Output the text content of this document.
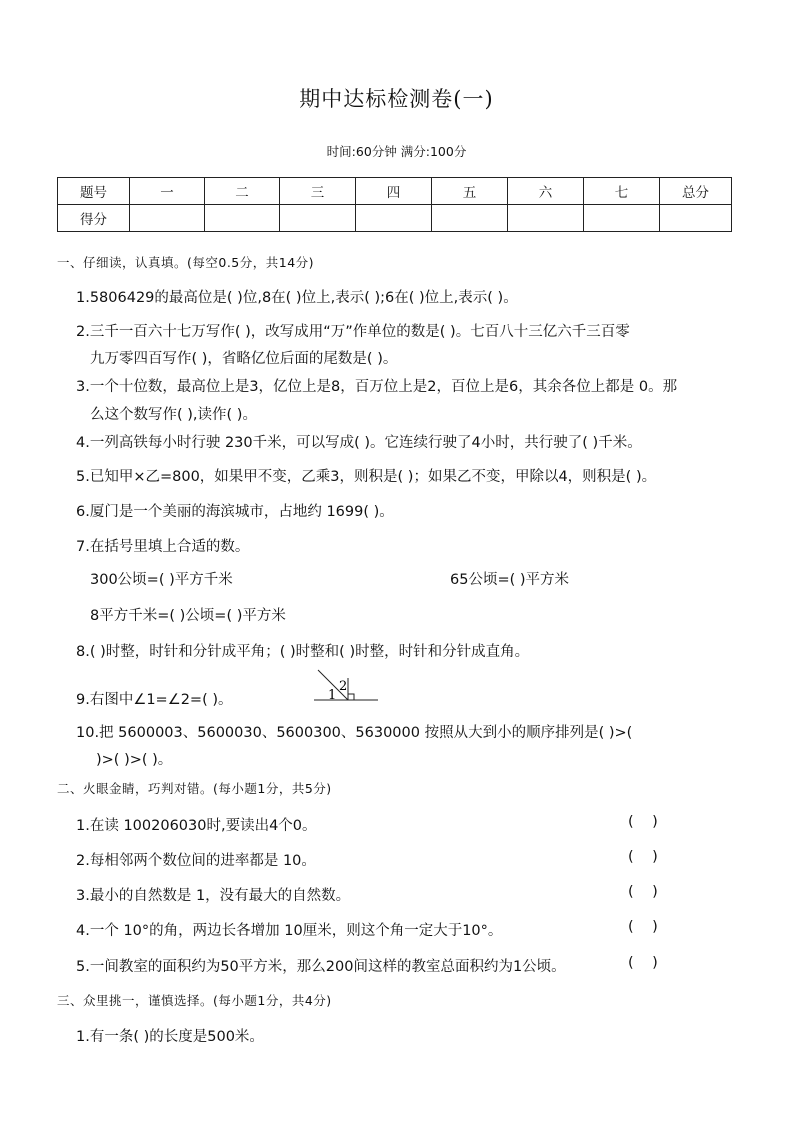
期中达标检测卷(一)
时间:60分钟 满分:100分
题号	一	二	三	四	五	六	七	总分
得分								
一、仔细读，认真填。(每空0.5分，共14分)
1.5806429的最高位是( )位,8在( )位上,表示( );6在( )位上,表示( )。
2.三千一百六十七万写作( )，改写成用“万”作单位的数是( )。七百八十三亿六千三百零
九万零四百写作( )，省略亿位后面的尾数是( )。
3.一个十位数，最高位上是3，亿位上是8，百万位上是2，百位上是6，其余各位上都是 0。那
么这个数写作( ),读作( )。
4.一列高铁每小时行驶 230千米，可以写成( )。它连续行驶了4小时，共行驶了( )千米。
5.已知甲×乙=800，如果甲不变，乙乘3，则积是( )；如果乙不变，甲除以4，则积是( )。
6.厦门是一个美丽的海滨城市，占地约 1699( )。
7.在括号里填上合适的数。
300公顷=( )平方千米	65公顷=( )平方米
8平方千米=( )公顷=( )平方米
8.( )时整，时针和分针成平角；( )时整和( )时整，时针和分针成直角。
9.右图中∠1=∠2=( )。	1
2
10.把 5600003、5600030、5600300、5630000 按照从大到小的顺序排列是( )>(
)>( )>( )。
二、火眼金睛，巧判对错。(每小题1分，共5分)
1.在读 100206030时,要读出4个0。	(    )
2.每相邻两个数位间的进率都是 10。	(    )
3.最小的自然数是 1，没有最大的自然数。	(    )
4.一个 10°的角，两边长各增加 10厘米，则这个角一定大于10°。	(    )
5.一间教室的面积约为50平方米，那么200间这样的教室总面积约为1公顷。	(    )
三、众里挑一，谨慎选择。(每小题1分，共4分)
1.有一条( )的长度是500米。
